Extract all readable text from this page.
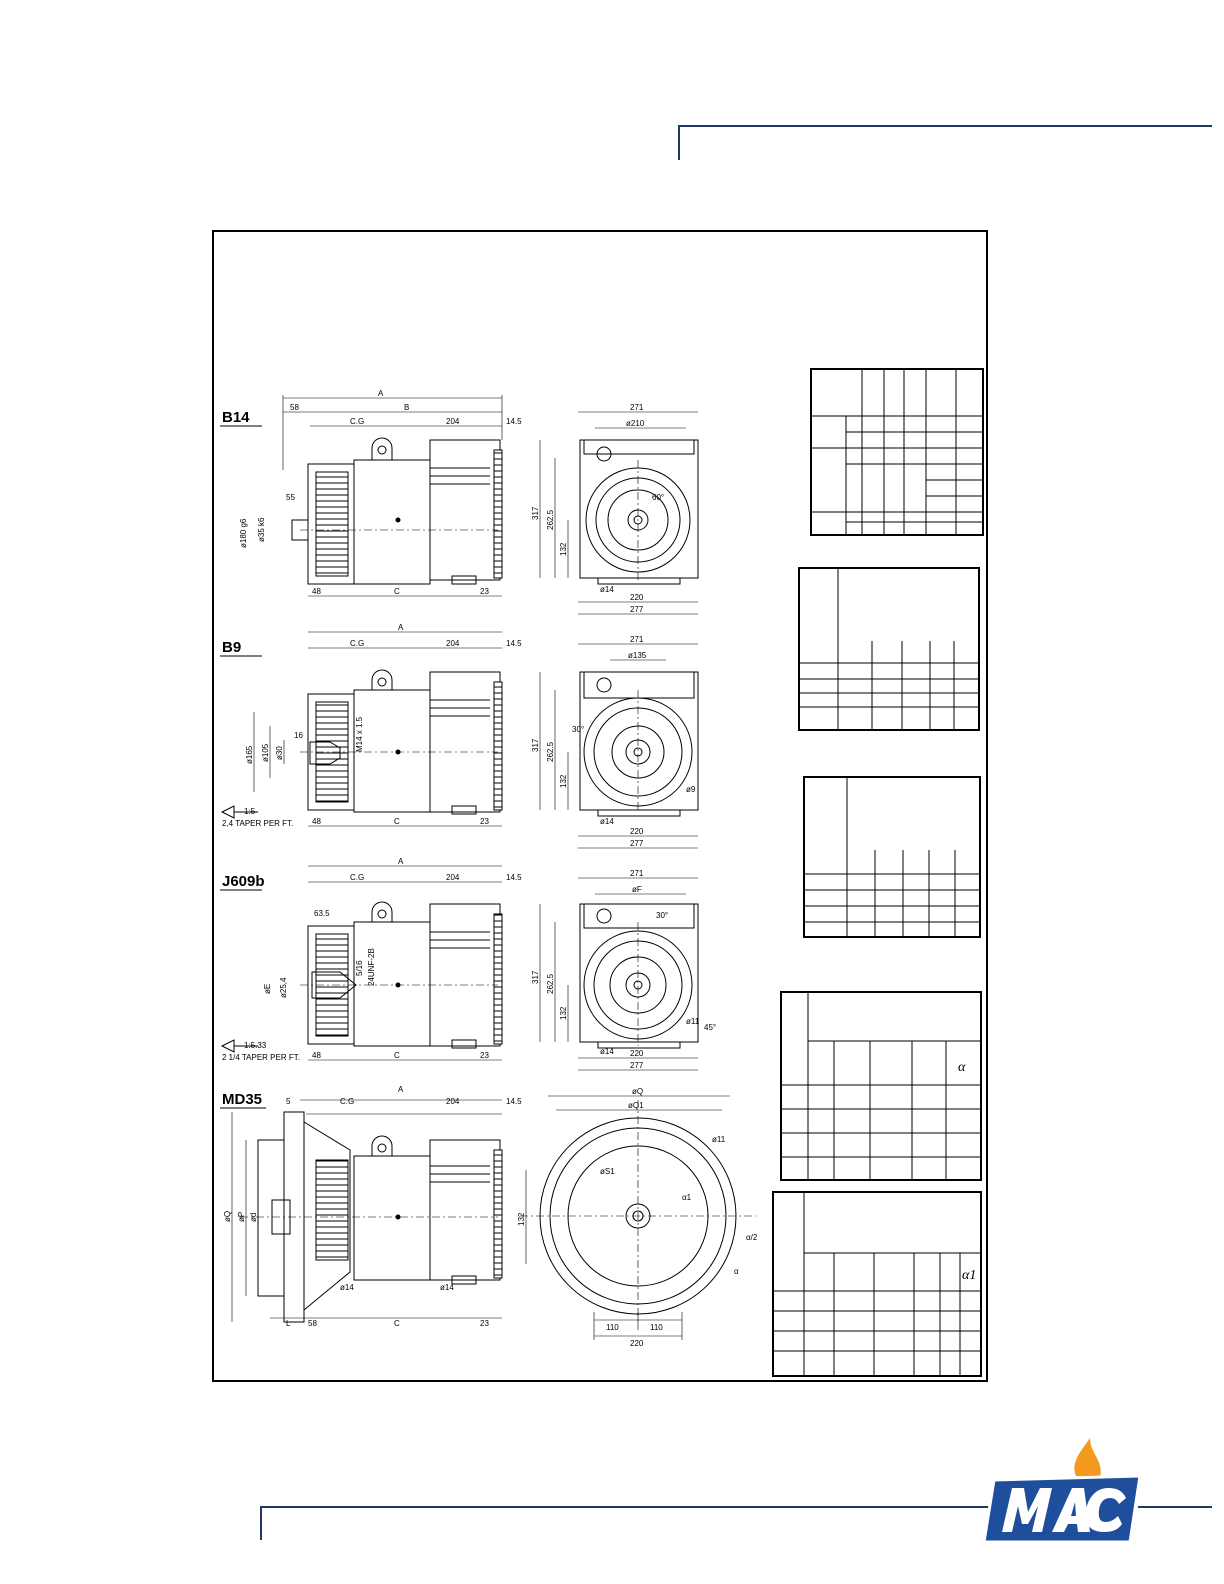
B14
A
58	B
C.G	204	14.5
55
ø180 g6 ø35 k6
48	C	23
271
ø210
317 262.5
132
60°
ø14
220
277
B9
A
C.G	204	14.5
M14 x 1.5
16
ø165 ø105 ø30
1:5
2,4 TAPER PER FT. 48	C	23
271
ø135
317 262.5
132
30°
ø9
ø14
220
277
J609b
A
C.G	204	14.5
63.5
5/16 24UNF-2B
øE ø25,4
1:5.33
2 1/4 TAPER PER FT. 48	C	23
271
øF
30°
45°
317 262.5
132
ø11
ø14 220
277
MD35
A
5	C.G	204	14.5
øQ øP ød
ø14	ø14
L 58	C	23
øQ
øQ1
ø11
øS1
α1
α/2
α
132
110	110
220
α
α1
